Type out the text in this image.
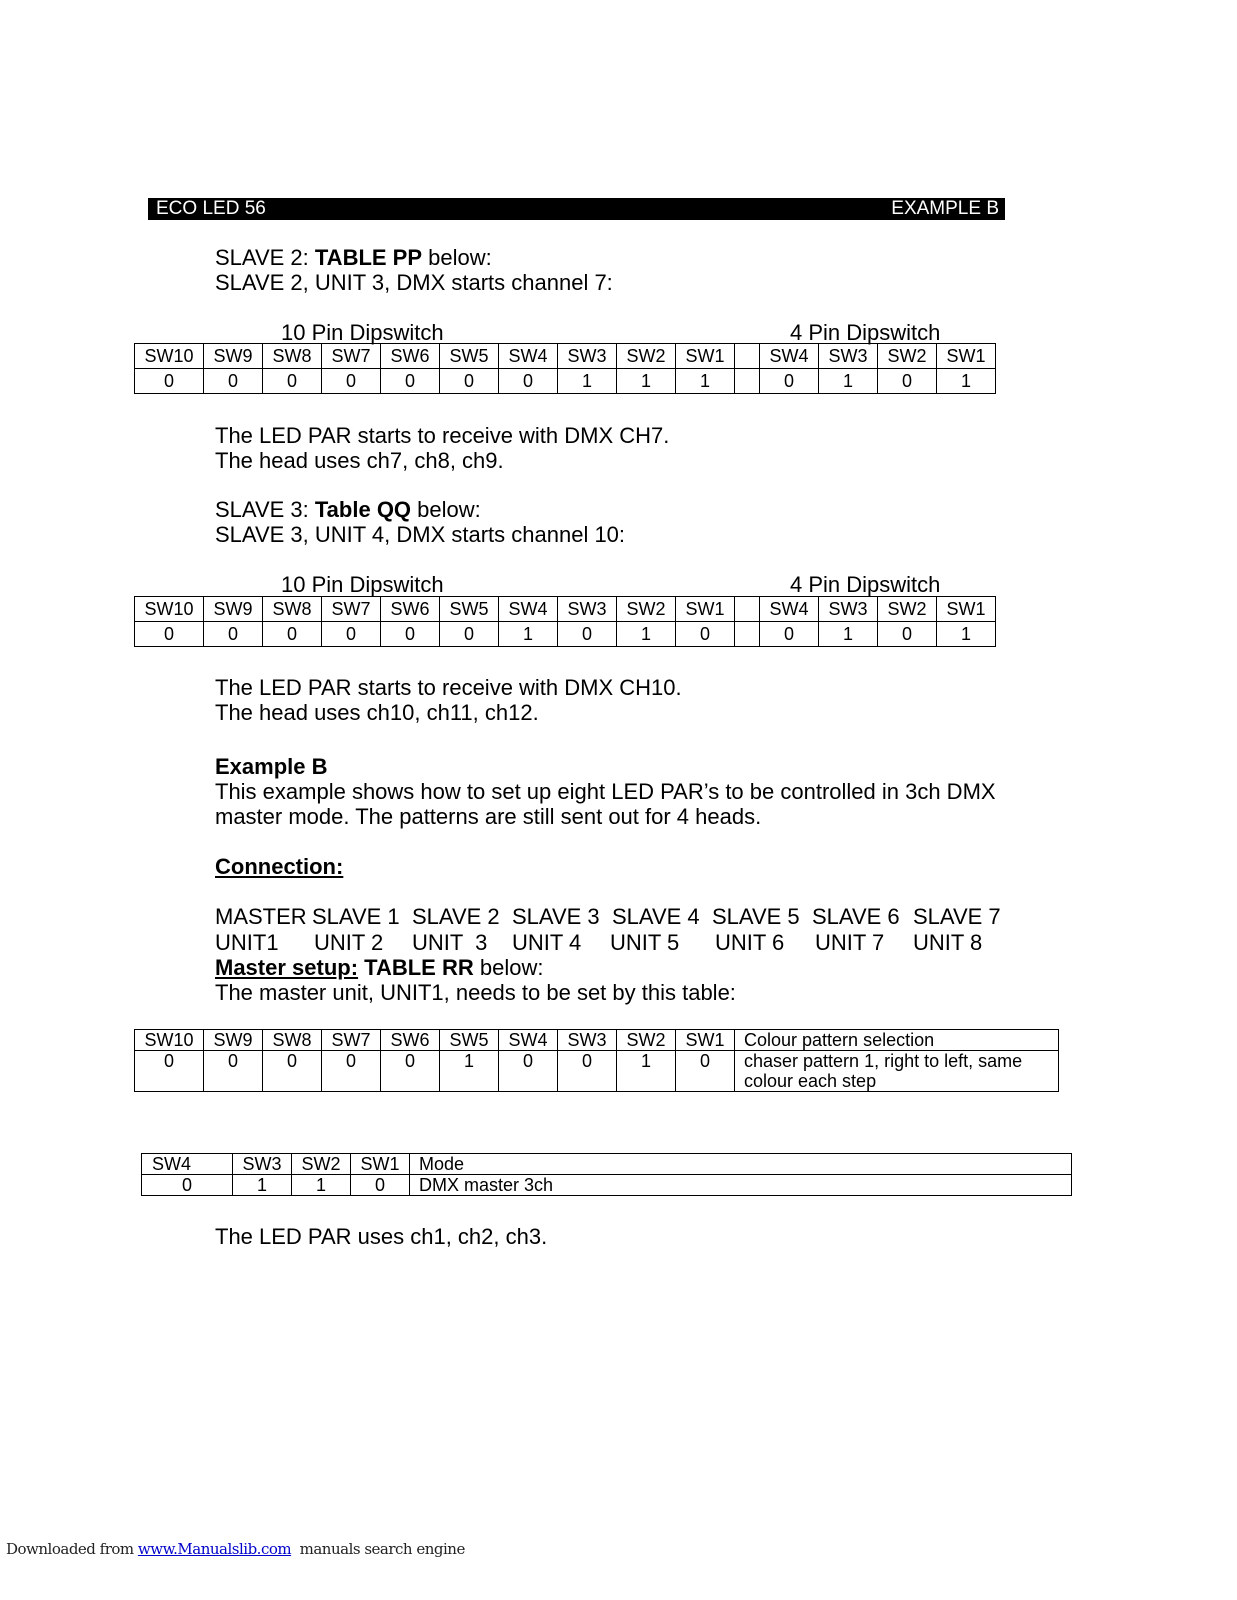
ECO LED 56	EXAMPLE B
SLAVE 2: TABLE PP below:
SLAVE 2, UNIT 3, DMX starts channel 7:
10 Pin Dipswitch	4 Pin Dipswitch
SW10	SW9	SW8	SW7	SW6	SW5	SW4	SW3	SW2	SW1		SW4	SW3	SW2	SW1
0	0	0	0	0	0	0	1	1	1		0	1	0	1
The LED PAR starts to receive with DMX CH7.
The head uses ch7, ch8, ch9.
SLAVE 3: Table QQ below:
SLAVE 3, UNIT 4, DMX starts channel 10:
10 Pin Dipswitch	4 Pin Dipswitch
SW10	SW9	SW8	SW7	SW6	SW5	SW4	SW3	SW2	SW1		SW4	SW3	SW2	SW1
0	0	0	0	0	0	1	0	1	0		0	1	0	1
The LED PAR starts to receive with DMX CH10.
The head uses ch10, ch11, ch12.
Example B
This example shows how to set up eight LED PAR’s to be controlled in 3ch DMX
master mode. The patterns are still sent out for 4 heads.
Connection:
MASTER SLAVE 1 SLAVE 2 SLAVE 3 SLAVE 4 SLAVE 5 SLAVE 6 SLAVE 7
UNIT1 UNIT 2 UNIT  3 UNIT 4 UNIT 5 UNIT 6 UNIT 7 UNIT 8
Master setup: TABLE RR below:
The master unit, UNIT1, needs to be set by this table:
SW10	SW9	SW8	SW7	SW6	SW5	SW4	SW3	SW2	SW1	Colour pattern selection
0	0	0	0	0	1	0	0	1	0	chaser pattern 1, right to left, same
colour each step
SW4	SW3	SW2	SW1	Mode
0	1	1	0	DMX master 3ch
The LED PAR uses ch1, ch2, ch3.
Downloaded from www.Manualslib.com  manuals search engine
